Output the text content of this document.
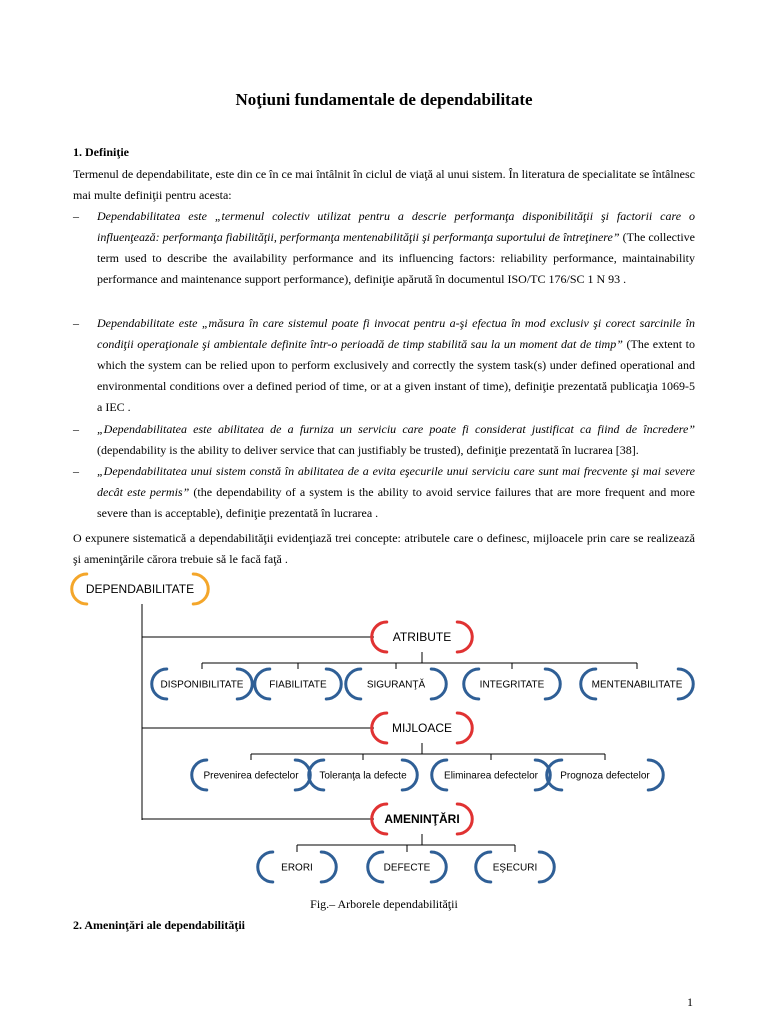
Noţiuni fundamentale de dependabilitate
1. Definiţie
Termenul de dependabilitate, este din ce în ce mai întâlnit în ciclul de viaţă al unui sistem. În literatura de specialitate se întâlnesc mai multe definiţii pentru acesta:
– Dependabilitatea este „termenul colectiv utilizat pentru a descrie performanţa disponibilităţii şi factorii care o influenţează: performanţa fiabilităţii, performanţa mentenabilităţii şi performanţa suportului de întreţinere” (The collective term used to describe the availability performance and its influencing factors: reliability performance, maintainability performance and maintenance support performance), definiţie apărută în documentul ISO/TC 176/SC 1 N 93 .
– Dependabilitate este „măsura în care sistemul poate fi invocat pentru a-şi efectua în mod exclusiv şi corect sarcinile în condiţii operaţionale şi ambientale definite într-o perioadă de timp stabilită sau la un moment dat de timp” (The extent to which the system can be relied upon to perform exclusively and correctly the system task(s) under defined operational and environmental conditions over a defined period of time, or at a given instant of time), definiţie prezentată publicaţia 1069-5 a IEC .
– „Dependabilitatea este abilitatea de a furniza un serviciu care poate fi considerat justificat ca fiind de încredere” (dependability is the ability to deliver service that can justifiably be trusted), definiţie prezentată în lucrarea [38].
– „Dependabilitatea unui sistem constă în abilitatea de a evita eşecurile unui serviciu care sunt mai frecvente şi mai severe decât este permis” (the dependability of a system is the ability to avoid service failures that are more frequent and more severe than is acceptable), definiţie prezentată în lucrarea .
O expunere sistematică a dependabilităţii evidenţiază trei concepte: atributele care o definesc, mijloacele prin care se realizează şi ameninţările cărora trebuie să le facă faţă .
DEPENDABILITATE
ATRIBUTE
DISPONIBILITATE	FIABILITATE	SIGURANŢĂ	INTEGRITATE	MENTENABILITATE
MIJLOACE
Prevenirea defectelor Toleranţa la defecte	Eliminarea defectelor Prognoza defectelor
AMENINŢĂRI
ERORI	DEFECTE	EŞECURI
Fig.– Arborele dependabilităţii
2. Ameninţări ale dependabilităţii
1
